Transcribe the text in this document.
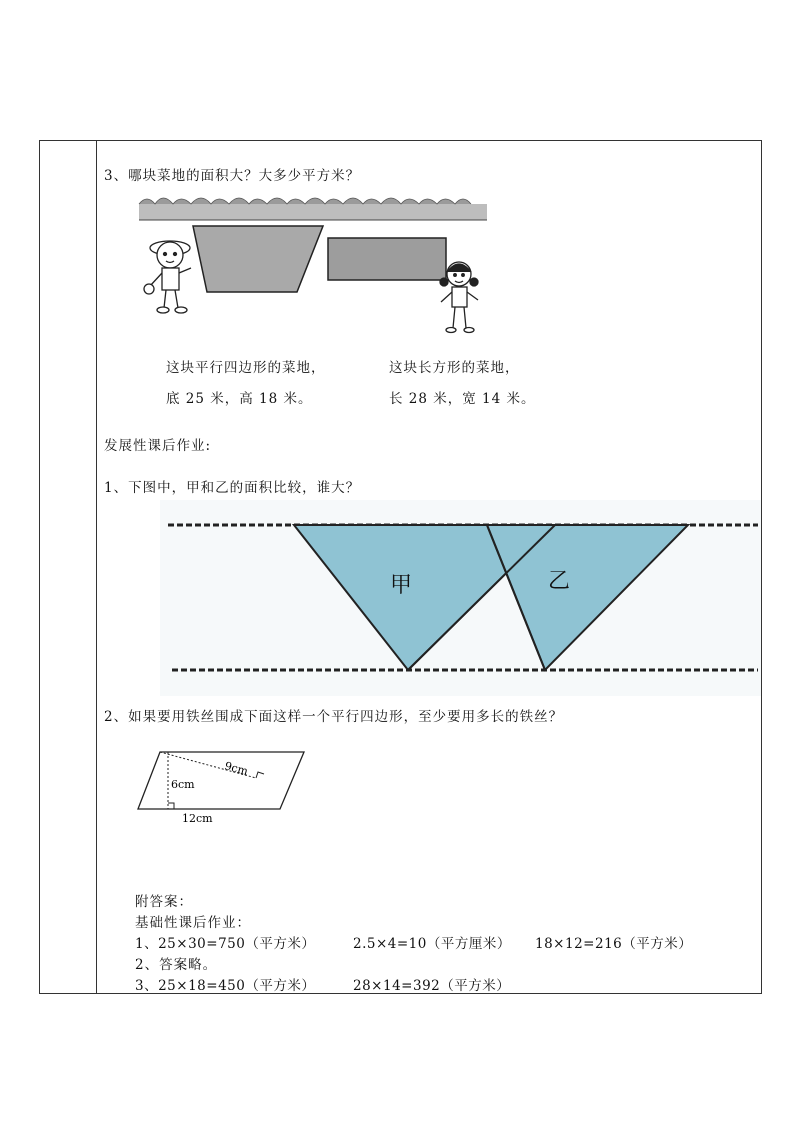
3、哪块菜地的面积大？大多少平方米？
这块平行四边形的菜地，
底 25 米，高 18 米。
这块长方形的菜地，
长 28 米，宽 14 米。
发展性课后作业:
1、下图中，甲和乙的面积比较，谁大？
甲	乙
2、如果要用铁丝围成下面这样一个平行四边形，至少要用多长的铁丝？
9cm
6cm
12cm
附答案：
基础性课后作业：
1、25×30=750（平方米）	2.5×4=10（平方厘米） 18×12=216（平方米）
2、答案略。
3、25×18=450（平方米）	28×14=392（平方米）
